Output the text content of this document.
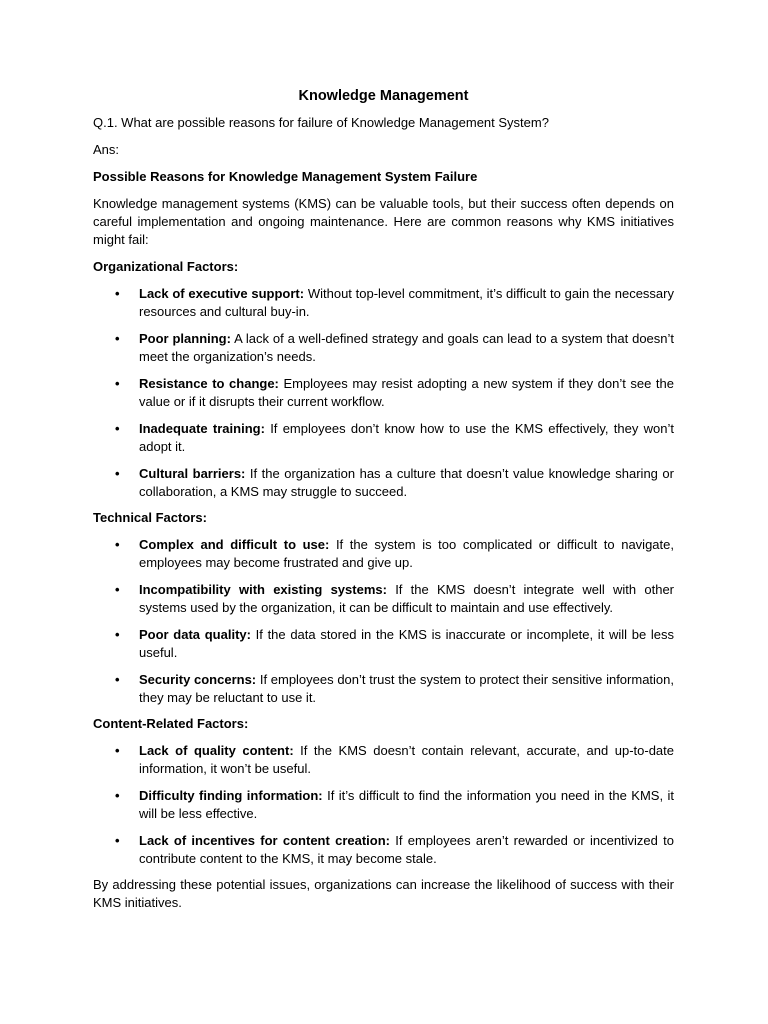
Knowledge Management

Q.1. What are possible reasons for failure of Knowledge Management System?

Ans:

Possible Reasons for Knowledge Management System Failure

Knowledge management systems (KMS) can be valuable tools, but their success often depends on careful implementation and ongoing maintenance. Here are common reasons why KMS initiatives might fail:

Organizational Factors:

• Lack of executive support: Without top-level commitment, it’s difficult to gain the necessary resources and cultural buy-in.
• Poor planning: A lack of a well-defined strategy and goals can lead to a system that doesn’t meet the organization’s needs.
• Resistance to change: Employees may resist adopting a new system if they don’t see the value or if it disrupts their current workflow.
• Inadequate training: If employees don’t know how to use the KMS effectively, they won’t adopt it.
• Cultural barriers: If the organization has a culture that doesn’t value knowledge sharing or collaboration, a KMS may struggle to succeed.

Technical Factors:

• Complex and difficult to use: If the system is too complicated or difficult to navigate, employees may become frustrated and give up.
• Incompatibility with existing systems: If the KMS doesn’t integrate well with other systems used by the organization, it can be difficult to maintain and use effectively.
• Poor data quality: If the data stored in the KMS is inaccurate or incomplete, it will be less useful.
• Security concerns: If employees don’t trust the system to protect their sensitive information, they may be reluctant to use it.

Content-Related Factors:

• Lack of quality content: If the KMS doesn’t contain relevant, accurate, and up-to-date information, it won’t be useful.
• Difficulty finding information: If it’s difficult to find the information you need in the KMS, it will be less effective.
• Lack of incentives for content creation: If employees aren’t rewarded or incentivized to contribute content to the KMS, it may become stale.

By addressing these potential issues, organizations can increase the likelihood of success with their KMS initiatives.
